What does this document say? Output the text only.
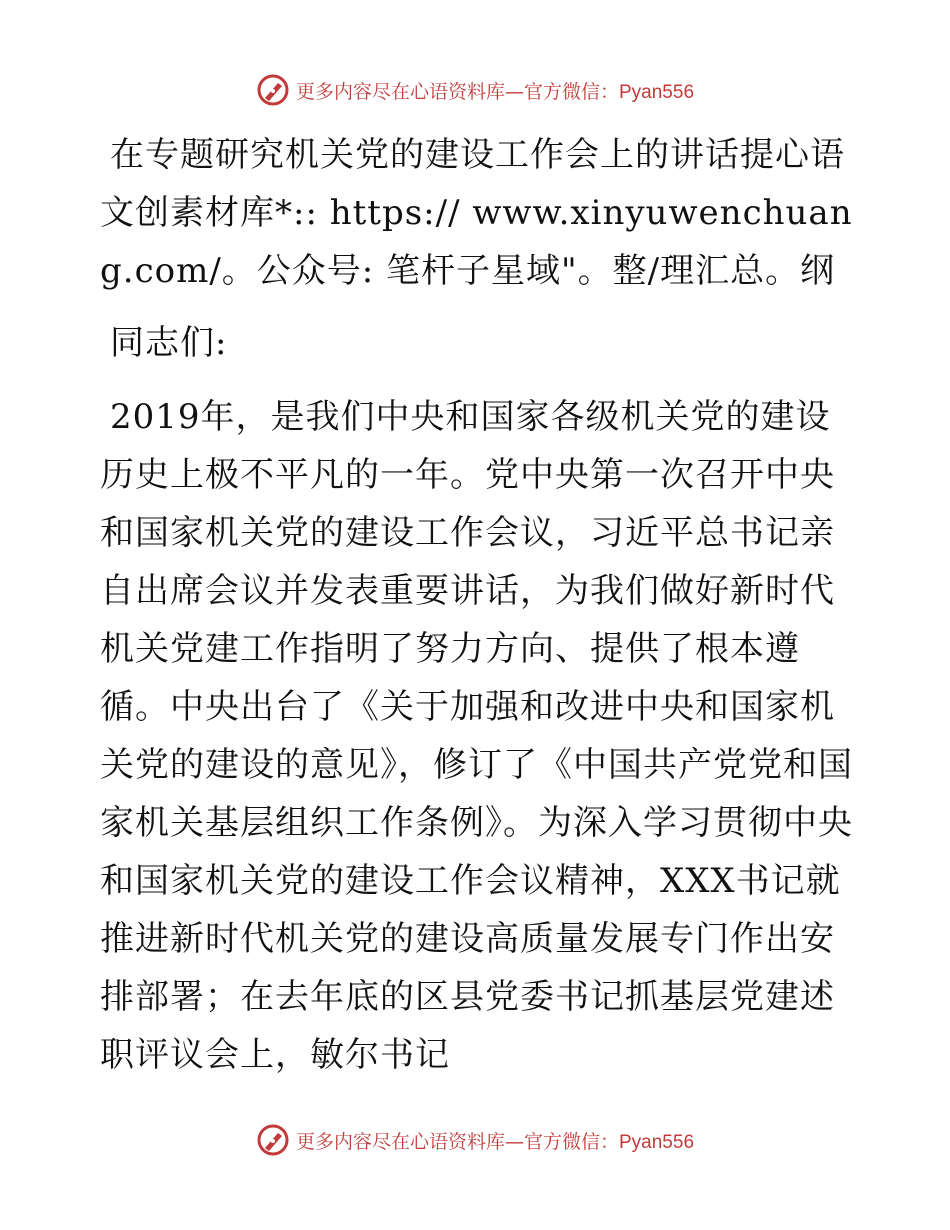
更多内容尽在心语资料库—官方微信：Pyan556

在专题研究机关党的建设工作会上的讲话提心语文创素材库*:: https:// www.xinyuwenchuang.com/。公众号: 笔杆子星域"。整/理汇总。纲

同志们:

2019年，是我们中央和国家各级机关党的建设历史上极不平凡的一年。党中央第一次召开中央和国家机关党的建设工作会议，习近平总书记亲自出席会议并发表重要讲话，为我们做好新时代机关党建工作指明了努力方向、提供了根本遵循。中央出台了《关于加强和改进中央和国家机关党的建设的意见》，修订了《中国共产党党和国家机关基层组织工作条例》。为深入学习贯彻中央和国家机关党的建设工作会议精神，XXX书记就推进新时代机关党的建设高质量发展专门作出安排部署；在去年底的区县党委书记抓基层党建述职评议会上，敏尔书记

更多内容尽在心语资料库—官方微信：Pyan556
